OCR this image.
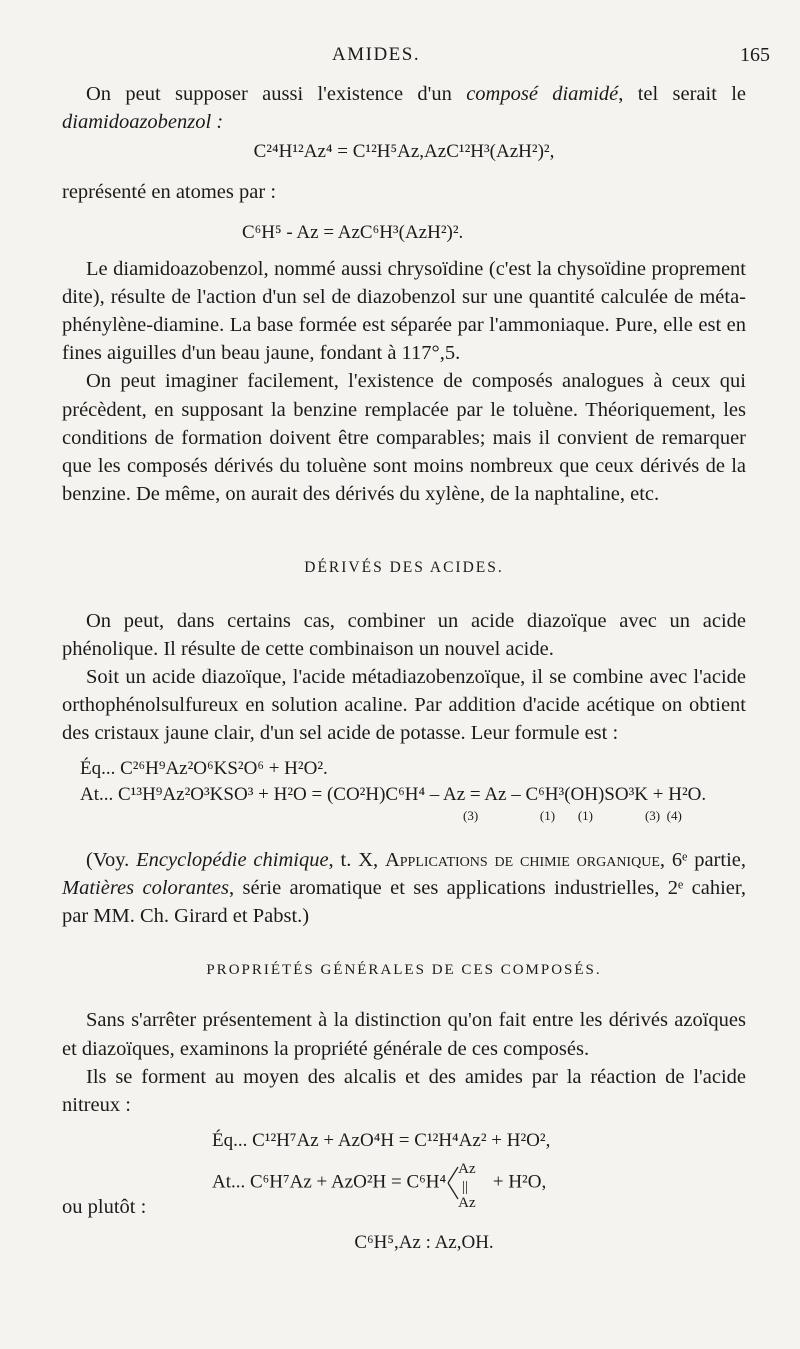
AMIDES.	165

On peut supposer aussi l'existence d'un composé diamidé, tel serait le diamidoazobenzol :

C²⁴H¹²Az⁴ = C¹²H⁵Az,AzC¹²H³(AzH²)²,

représenté en atomes par :

C⁶H⁵ - Az = AzC⁶H³(AzH²)².

Le diamidoazobenzol, nommé aussi chrysoïdine (c'est la chysoïdine proprement dite), résulte de l'action d'un sel de diazobenzol sur une quantité calculée de méta-phénylène-diamine. La base formée est séparée par l'ammoniaque. Pure, elle est en fines aiguilles d'un beau jaune, fondant à 117°,5.

On peut imaginer facilement, l'existence de composés analogues à ceux qui précèdent, en supposant la benzine remplacée par le toluène. Théoriquement, les conditions de formation doivent être comparables; mais il convient de remarquer que les composés dérivés du toluène sont moins nombreux que ceux dérivés de la benzine. De même, on aurait des dérivés du xylène, de la naphtaline, etc.

DÉRIVÉS DES ACIDES.

On peut, dans certains cas, combiner un acide diazoïque avec un acide phénolique. Il résulte de cette combinaison un nouvel acide.

Soit un acide diazoïque, l'acide métadiazobenzoïque, il se combine avec l'acide orthophénolsulfureux en solution acaline. Par addition d'acide acétique on obtient des cristaux jaune clair, d'un sel acide de potasse. Leur formule est :

Éq... C²⁶H⁹Az²O⁶KS²O⁶ + H²O².
At... C¹³H⁹Az²O³KSO³ + H²O = (CO²H)C⁶H⁴ – Az = Az – C⁶H³(OH)SO³K + H²O.
(3)                   (1)       (1)                (3)  (4)

(Voy. Encyclopédie chimique, t. X, Applications de chimie organique, 6ᵉ partie, Matières colorantes, série aromatique et ses applications industrielles, 2ᵉ cahier, par MM. Ch. Girard et Pabst.)

PROPRIÉTÉS GÉNÉRALES DE CES COMPOSÉS.

Sans s'arrêter présentement à la distinction qu'on fait entre les dérivés azoïques et diazoïques, examinons la propriété générale de ces composés.

Ils se forment au moyen des alcalis et des amides par la réaction de l'acide nitreux :

Éq... C¹²H⁷Az + AzO⁴H = C¹²H⁴Az² + H²O²,
At... C⁶H⁷Az + AzO²H = C⁶H⁴
Az
||
Az
+ H²O,

ou plutôt :

C⁶H⁵,Az : Az,OH.
